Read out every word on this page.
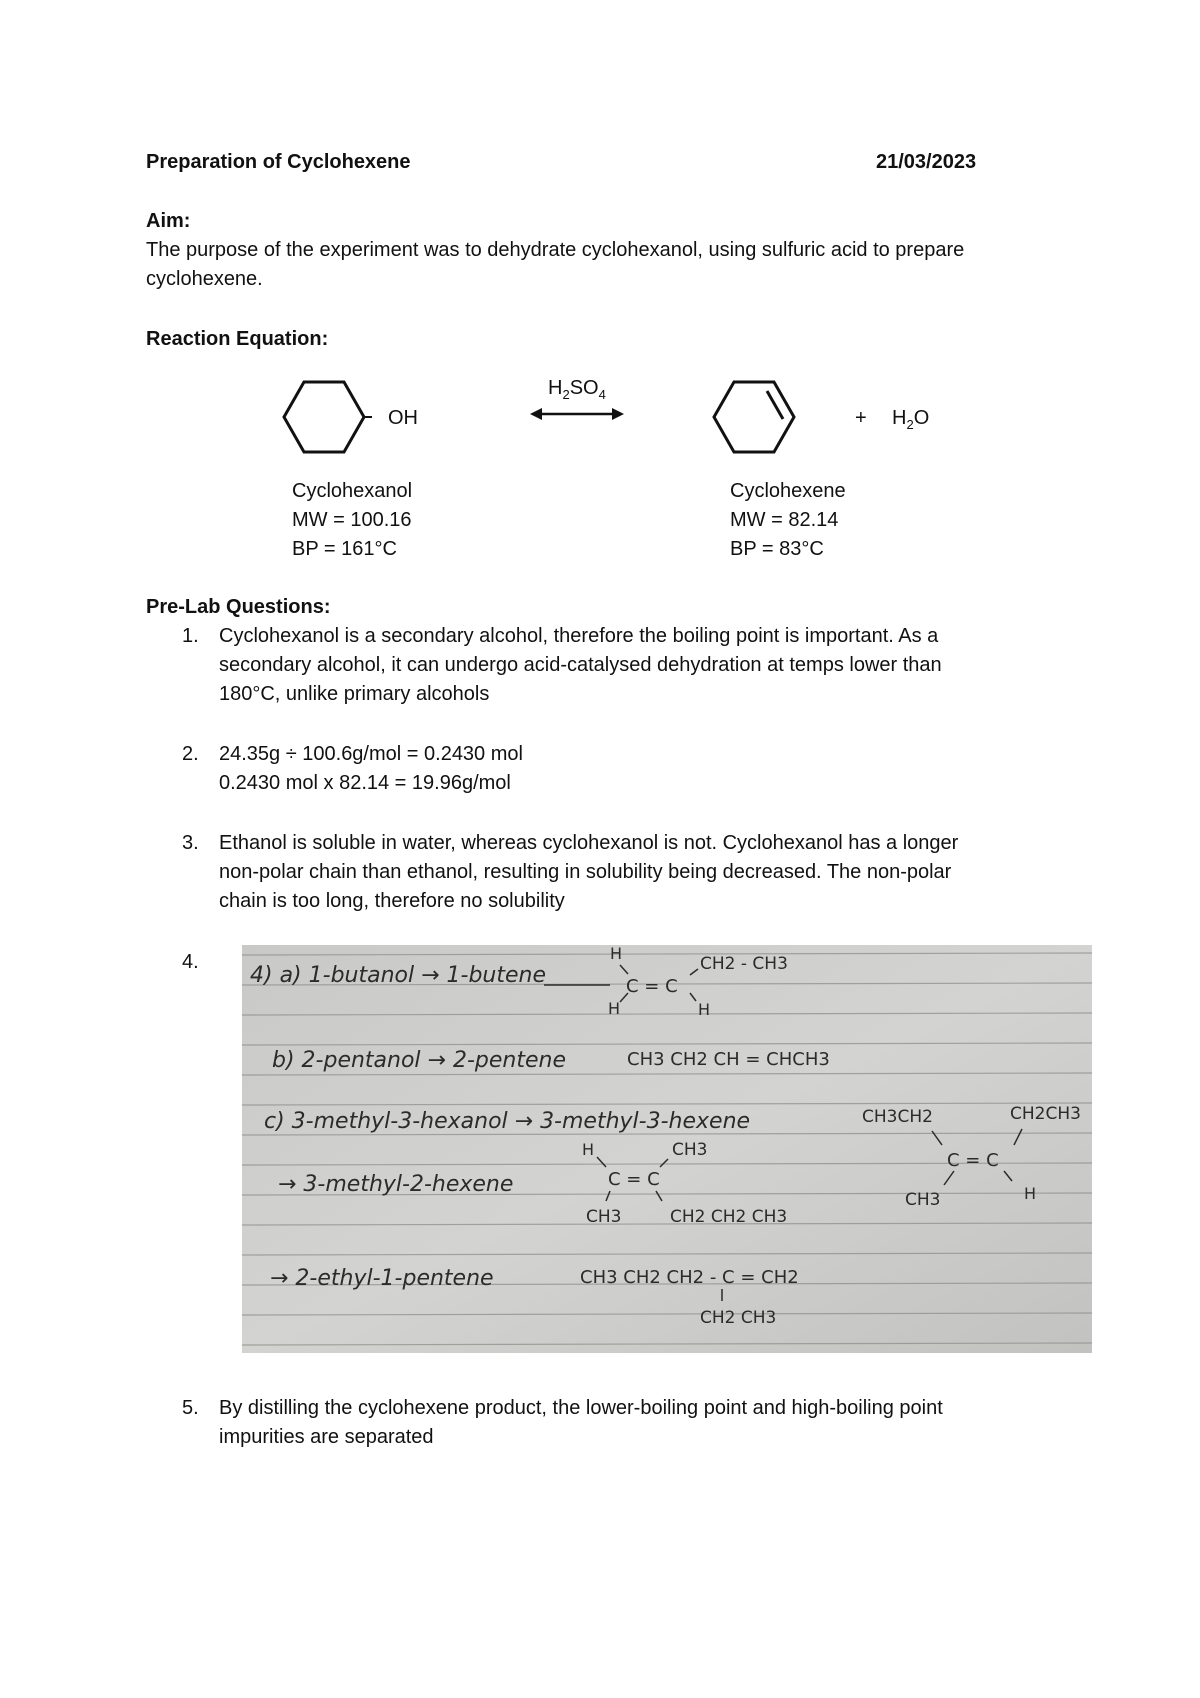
Preparation of Cyclohexene	21/03/2023
Aim:
The purpose of the experiment was to dehydrate cyclohexanol, using sulfuric acid to prepare
cyclohexene.
Reaction Equation:
OH
$H_2SO_4$
+ $H_2O$
Cyclohexanol
MW = 100.16
BP = 161°C
Cyclohexene
MW = 82.14
BP = 83°C
Pre-Lab Questions:
1. Cyclohexanol is a secondary alcohol, therefore the boiling point is important. As a
secondary alcohol, it can undergo acid-catalysed dehydration at temps lower than
180°C, unlike primary alcohols
2. 24.35g ÷ 100.6g/mol = 0.2430 mol
0.2430 mol x 82.14 = 19.96g/mol
3. Ethanol is soluble in water, whereas cyclohexanol is not. Cyclohexanol has a longer
non-polar chain than ethanol, resulting in solubility being decreased. The non-polar
chain is too long, therefore no solubility
4.
4) a) 1-butanol → 1-butene
b) 2-pentanol → 2-pentene
c) 3-methyl-3-hexanol → 3-methyl-3-hexene
→ 3-methyl-2-hexene
→ 2-ethyl-1-pentene
H
H
C = C
CH2 - CH3
H
CH3 CH2 CH = CHCH3
CH3CH2	CH2CH3
C = C
CH3	H
H	CH3
C = C
CH3	CH2 CH2 CH3
CH3 CH2 CH2 - C = CH2
CH2 CH3
5. By distilling the cyclohexene product, the lower-boiling point and high-boiling point
impurities are separated
